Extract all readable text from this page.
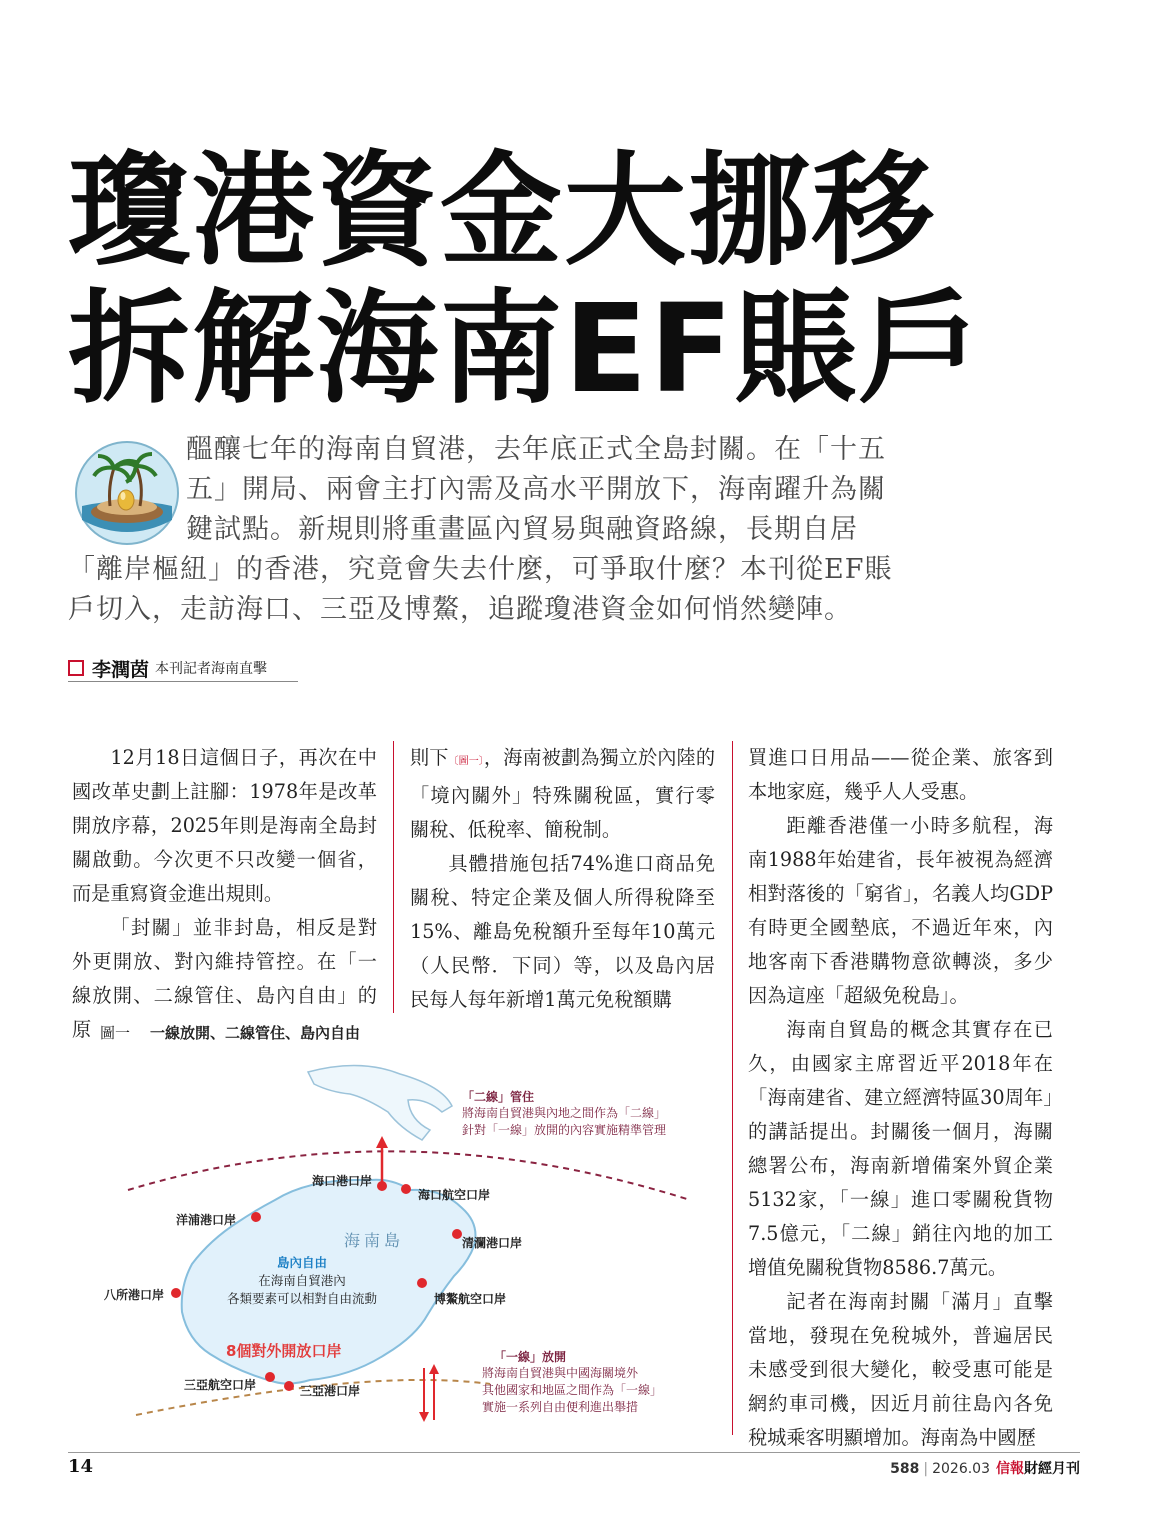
瓊港資金大挪移
拆解海南EF賬戶
醞釀七年的海南自貿港，去年底正式全島封關。在「十五五」開局、兩會主打內需及高水平開放下，海南躍升為關鍵試點。新規則將重畫區內貿易與融資路線，長期自居「離岸樞紐」的香港，究竟會失去什麼，可爭取什麼？本刊從EF賬戶切入，走訪海口、三亞及博鰲，追蹤瓊港資金如何悄然變陣。
李潤茵 本刊記者海南直擊

12月18日這個日子，再次在中國改革史劃上註腳：1978年是改革開放序幕，2025年則是海南全島封關啟動。今次更不只改變一個省，而是重寫資金進出規則。

「封關」並非封島，相反是對外更開放、對內維持管控。在「一線放開、二線管住、島內自由」的原

則下〔圖一〕，海南被劃為獨立於內陸的「境內關外」特殊關稅區，實行零關稅、低稅率、簡稅制。

具體措施包括74%進口商品免關稅、特定企業及個人所得稅降至15%、離島免稅額升至每年10萬元（人民幣．下同）等，以及島內居民每人每年新增1萬元免稅額購

買進口日用品——從企業、旅客到本地家庭，幾乎人人受惠。

距離香港僅一小時多航程，海南1988年始建省，長年被視為經濟相對落後的「窮省」，名義人均GDP有時更全國墊底，不過近年來，內地客南下香港購物意欲轉淡，多少因為這座「超級免稅島」。

海南自貿島的概念其實存在已久，由國家主席習近平2018年在「海南建省、建立經濟特區30周年」的講話提出。封關後一個月，海關總署公布，海南新增備案外貿企業5132家，「一線」進口零關稅貨物7.5億元，「二線」銷往內地的加工增值免關稅貨物8586.7萬元。

記者在海南封關「滿月」直擊當地，發現在免稅城外，普遍居民未感受到很大變化，較受惠可能是網約車司機，因近月前往島內各免稅城乘客明顯增加。海南為中國歷

圖一 一線放開、二線管住、島內自由
「二線」管住
將海南自貿港與內地之間作為「二線」
針對「一線」放開的內容實施精準管理
海口港口岸
海口航空口岸
洋浦港口岸
海南島	清瀾港口岸
島內自由
在海南自貿港內
各類要素可以相對自由流動
八所港口岸	博鰲航空口岸
8個對外開放口岸	「一線」放開
將海南自貿港與中國海關境外
其他國家和地區之間作為「一線」
實施一系列自由便利進出舉措
三亞航空口岸	三亞港口岸
14	588 | 2026.03 信報財經月刊
